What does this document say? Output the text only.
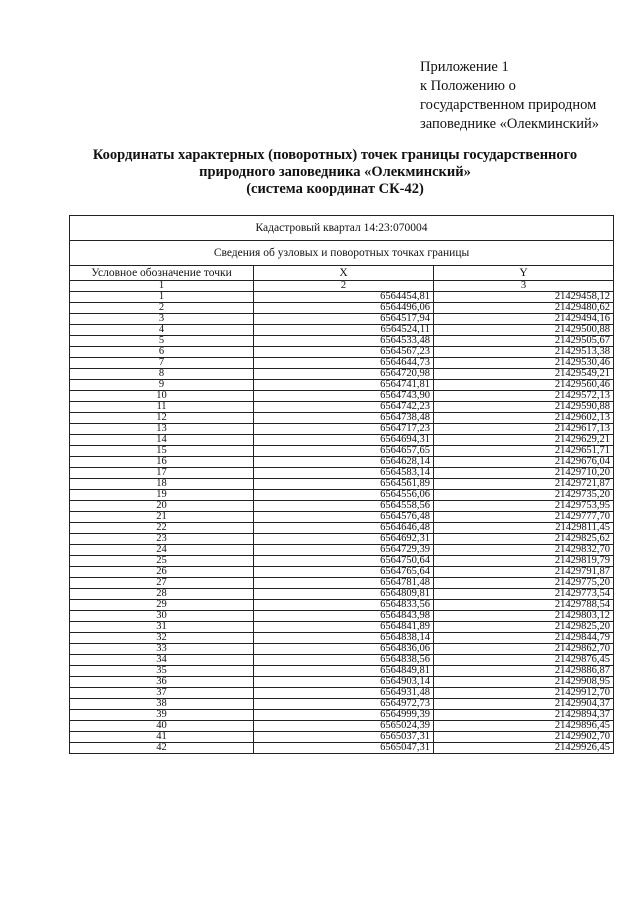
Приложение 1
к Положению о
государственном природном
заповеднике «Олекминский»
Координаты характерных (поворотных) точек границы государственного
природного заповедника «Олекминский»
(система координат СК-42)
Кадастровый квартал 14:23:070004		
Сведения об узловых и поворотных точках границы		
Условное обозначение точки	X	Y
1	2	3
1	6564454,81	21429458,12
2	6564496,06	21429480,62
3	6564517,94	21429494,16
4	6564524,11	21429500,88
5	6564533,48	21429505,67
6	6564567,23	21429513,38
7	6564644,73	21429530,46
8	6564720,98	21429549,21
9	6564741,81	21429560,46
10	6564743,90	21429572,13
11	6564742,23	21429590,88
12	6564738,48	21429602,13
13	6564717,23	21429617,13
14	6564694,31	21429629,21
15	6564657,65	21429651,71
16	6564628,14	21429676,04
17	6564583,14	21429710,20
18	6564561,89	21429721,87
19	6564556,06	21429735,20
20	6564558,56	21429753,95
21	6564576,48	21429777,70
22	6564646,48	21429811,45
23	6564692,31	21429825,62
24	6564729,39	21429832,70
25	6564750,64	21429819,79
26	6564765,64	21429791,87
27	6564781,48	21429775,20
28	6564809,81	21429773,54
29	6564833,56	21429788,54
30	6564843,98	21429803,12
31	6564841,89	21429825,20
32	6564838,14	21429844,79
33	6564836,06	21429862,70
34	6564838,56	21429876,45
35	6564849,81	21429886,87
36	6564903,14	21429908,95
37	6564931,48	21429912,70
38	6564972,73	21429904,37
39	6564999,39	21429894,37
40	6565024,39	21429896,45
41	6565037,31	21429902,70
42	6565047,31	21429926,45
